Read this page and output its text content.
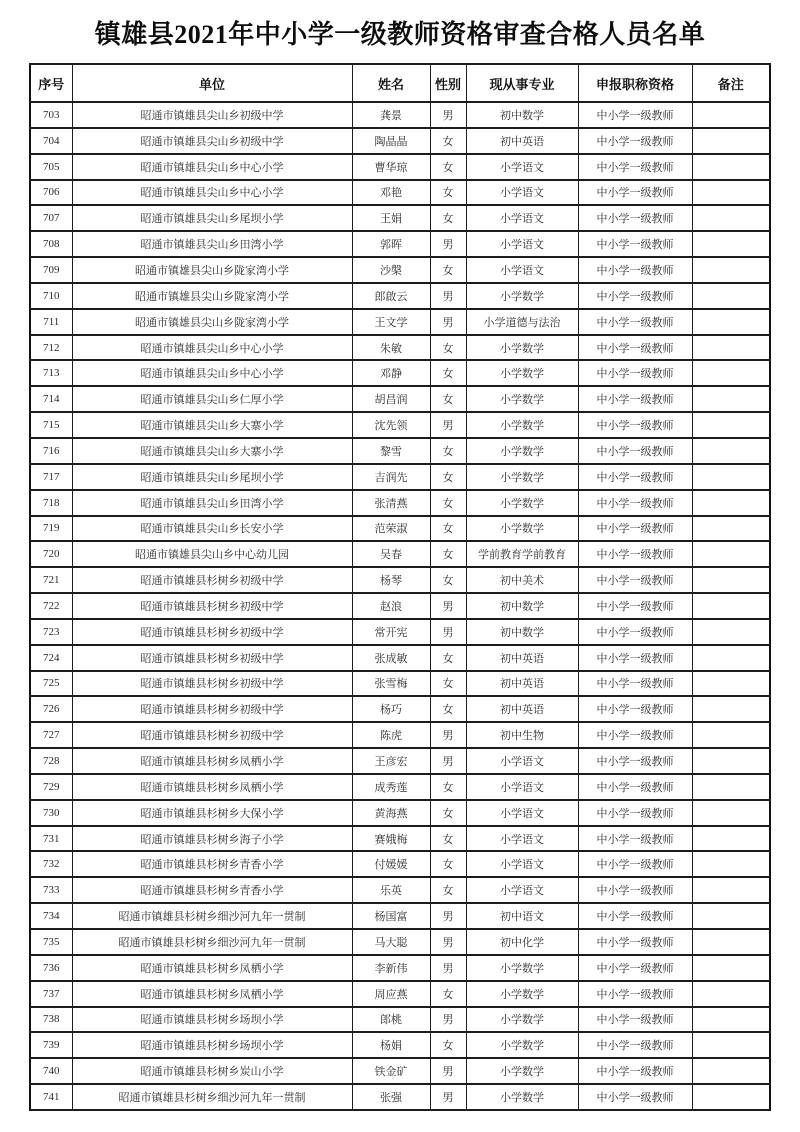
镇雄县2021年中小学一级教师资格审查合格人员名单
序号	单位	姓名	性别	现从事专业	申报职称资格	备注
703	昭通市镇雄县尖山乡初级中学	龚景	男	初中数学	中小学一级教师	
704	昭通市镇雄县尖山乡初级中学	陶晶晶	女	初中英语	中小学一级教师	
705	昭通市镇雄县尖山乡中心小学	曹华琼	女	小学语文	中小学一级教师	
706	昭通市镇雄县尖山乡中心小学	邓艳	女	小学语文	中小学一级教师	
707	昭通市镇雄县尖山乡尾坝小学	王娟	女	小学语文	中小学一级教师	
708	昭通市镇雄县尖山乡田湾小学	郭晖	男	小学语文	中小学一级教师	
709	昭通市镇雄县尖山乡陇家湾小学	沙槃	女	小学语文	中小学一级教师	
710	昭通市镇雄县尖山乡陇家湾小学	郎啟云	男	小学数学	中小学一级教师	
711	昭通市镇雄县尖山乡陇家湾小学	王文学	男	小学道德与法治	中小学一级教师	
712	昭通市镇雄县尖山乡中心小学	朱敏	女	小学数学	中小学一级教师	
713	昭通市镇雄县尖山乡中心小学	邓静	女	小学数学	中小学一级教师	
714	昭通市镇雄县尖山乡仁厚小学	胡昌润	女	小学数学	中小学一级教师	
715	昭通市镇雄县尖山乡大寨小学	沈先领	男	小学数学	中小学一级教师	
716	昭通市镇雄县尖山乡大寨小学	黎雪	女	小学数学	中小学一级教师	
717	昭通市镇雄县尖山乡尾坝小学	吉润先	女	小学数学	中小学一级教师	
718	昭通市镇雄县尖山乡田湾小学	张清燕	女	小学数学	中小学一级教师	
719	昭通市镇雄县尖山乡长安小学	范荣淑	女	小学数学	中小学一级教师	
720	昭通市镇雄县尖山乡中心幼儿园	吴春	女	学前教育学前教育	中小学一级教师	
721	昭通市镇雄县杉树乡初级中学	杨琴	女	初中美术	中小学一级教师	
722	昭通市镇雄县杉树乡初级中学	赵浪	男	初中数学	中小学一级教师	
723	昭通市镇雄县杉树乡初级中学	常开宪	男	初中数学	中小学一级教师	
724	昭通市镇雄县杉树乡初级中学	张成敏	女	初中英语	中小学一级教师	
725	昭通市镇雄县杉树乡初级中学	张雪梅	女	初中英语	中小学一级教师	
726	昭通市镇雄县杉树乡初级中学	杨巧	女	初中英语	中小学一级教师	
727	昭通市镇雄县杉树乡初级中学	陈虎	男	初中生物	中小学一级教师	
728	昭通市镇雄县杉树乡凤栖小学	王彦宏	男	小学语文	中小学一级教师	
729	昭通市镇雄县杉树乡凤栖小学	成秀莲	女	小学语文	中小学一级教师	
730	昭通市镇雄县杉树乡大保小学	黄海燕	女	小学语文	中小学一级教师	
731	昭通市镇雄县杉树乡海子小学	赛娥梅	女	小学语文	中小学一级教师	
732	昭通市镇雄县杉树乡青香小学	付媛媛	女	小学语文	中小学一级教师	
733	昭通市镇雄县杉树乡青香小学	乐英	女	小学语文	中小学一级教师	
734	昭通市镇雄县杉树乡细沙河九年一贯制	杨国富	男	初中语文	中小学一级教师	
735	昭通市镇雄县杉树乡细沙河九年一贯制	马大聪	男	初中化学	中小学一级教师	
736	昭通市镇雄县杉树乡凤栖小学	李新伟	男	小学数学	中小学一级教师	
737	昭通市镇雄县杉树乡凤栖小学	周应燕	女	小学数学	中小学一级教师	
738	昭通市镇雄县杉树乡场坝小学	郎桃	男	小学数学	中小学一级教师	
739	昭通市镇雄县杉树乡场坝小学	杨娟	女	小学数学	中小学一级教师	
740	昭通市镇雄县杉树乡炭山小学	铁金矿	男	小学数学	中小学一级教师	
741	昭通市镇雄县杉树乡细沙河九年一贯制	张强	男	小学数学	中小学一级教师	
